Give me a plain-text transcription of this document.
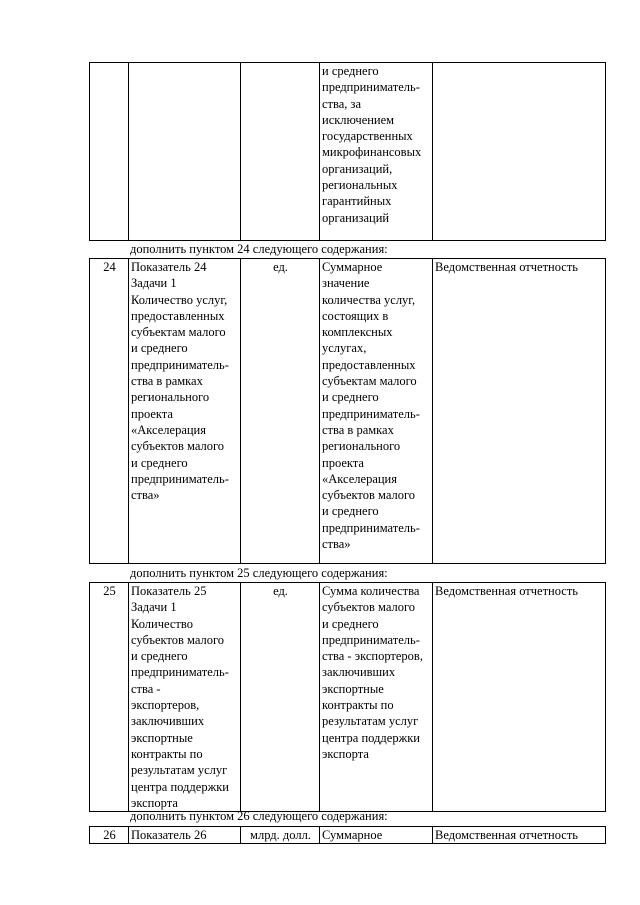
			и среднего
предприниматель-
ства, за
исключением
государственных
микрофинансовых
организаций,
региональных
гарантийных
организаций	
дополнить пунктом 24 следующего содержания:
24	Показатель 24
Задачи 1
Количество услуг,
предоставленных
субъектам малого
и среднего
предприниматель-
ства в рамках
регионального
проекта
«Акселерация
субъектов малого
и среднего
предприниматель-
ства»	ед.	Суммарное
значение
количества услуг,
состоящих в
комплексных
услугах,
предоставленных
субъектам малого
и среднего
предприниматель-
ства в рамках
регионального
проекта
«Акселерация
субъектов малого
и среднего
предприниматель-
ства»	Ведомственная отчетность
дополнить пунктом 25 следующего содержания:
25	Показатель 25
Задачи 1
Количество
субъектов малого
и среднего
предприниматель-
ства -
экспортеров,
заключивших
экспортные
контракты по
результатам услуг
центра поддержки
экспорта	ед.	Сумма количества
субъектов малого
и среднего
предприниматель-
ства - экспортеров,
заключивших
экспортные
контракты по
результатам услуг
центра поддержки
экспорта	Ведомственная отчетность
дополнить пунктом 26 следующего содержания:
26	Показатель 26	млрд. долл.	Суммарное	Ведомственная отчетность
